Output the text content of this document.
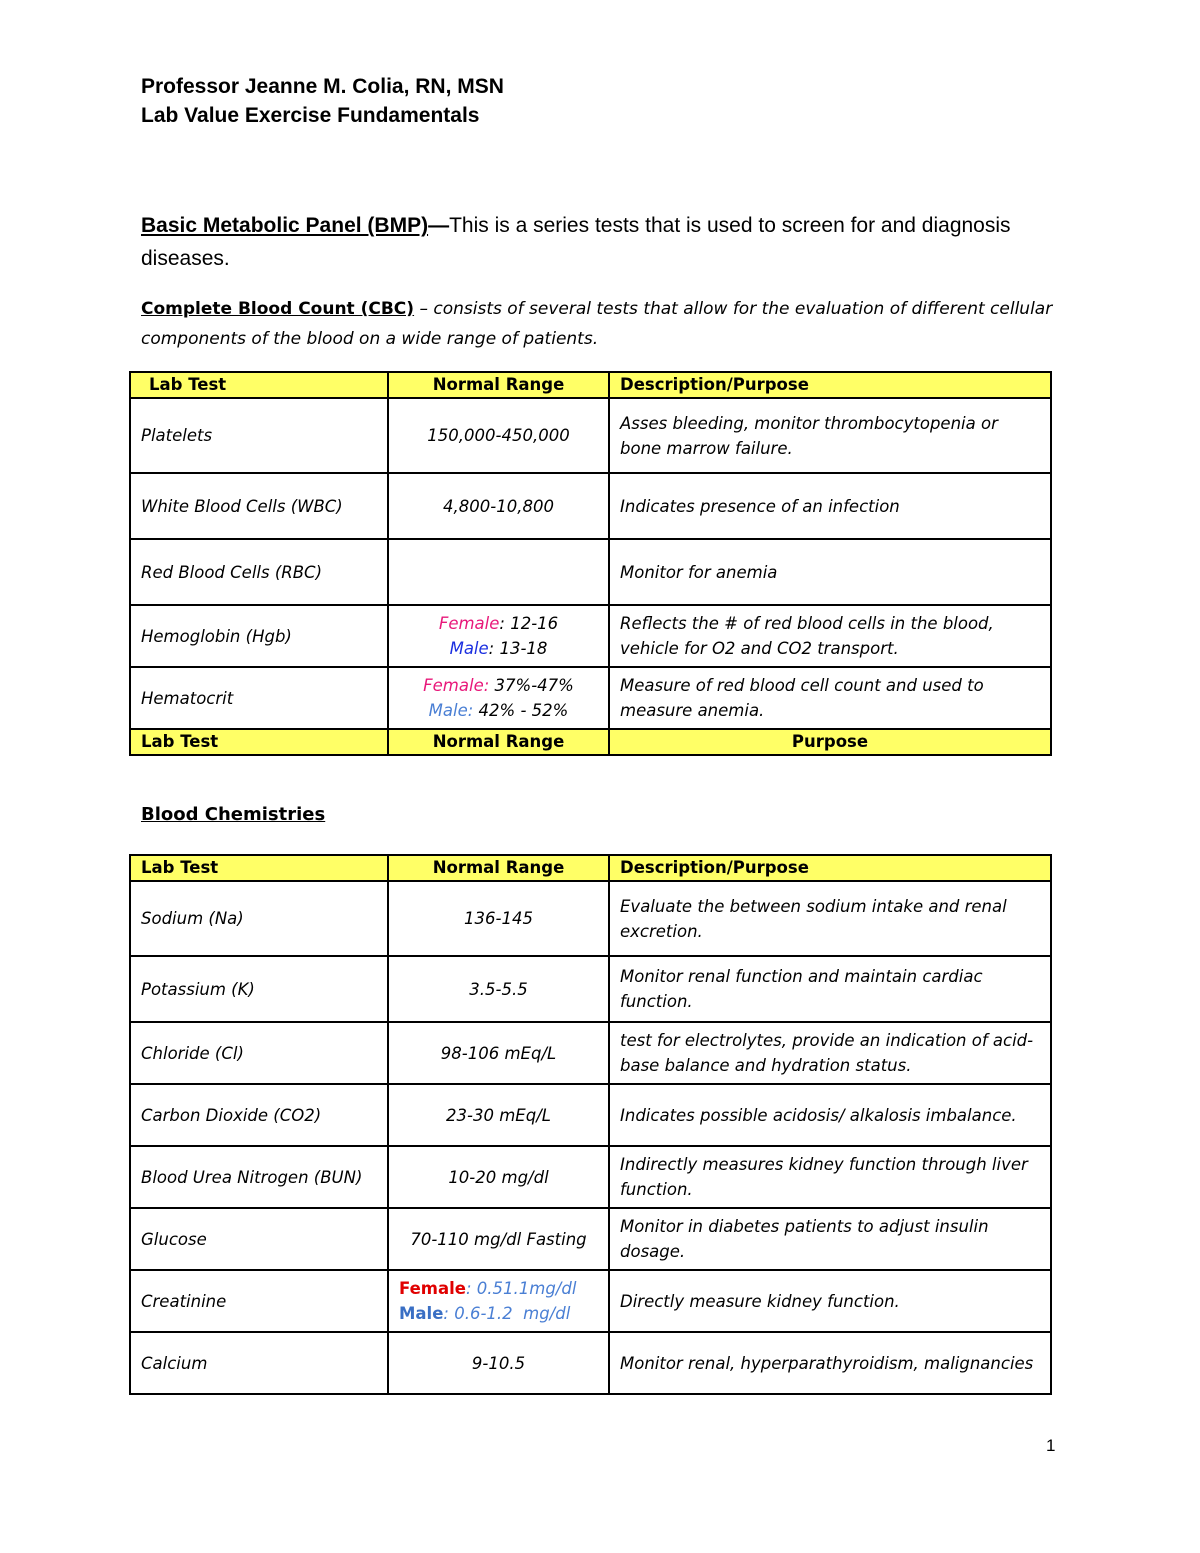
Professor Jeanne M. Colia, RN, MSN
Lab Value Exercise Fundamentals
Basic Metabolic Panel (BMP)—This is a series tests that is used to screen for and diagnosis diseases.
Complete Blood Count (CBC) – consists of several tests that allow for the evaluation of different cellular components of the blood on a wide range of patients.
Lab Test	Normal Range	Description/Purpose
Platelets	150,000-450,000	Asses bleeding, monitor thrombocytopenia or bone marrow failure.
White Blood Cells (WBC)	4,800-10,800	Indicates presence of an infection
Red Blood Cells (RBC)		Monitor for anemia
Hemoglobin (Hgb)	Female: 12-16
Male: 13-18	Reflects the # of red blood cells in the blood, vehicle for O2 and CO2 transport.
Hematocrit	Female: 37%-47%
Male: 42% - 52%	Measure of red blood cell count and used to measure anemia.
Lab Test	Normal Range	Purpose
Blood Chemistries
Lab Test	Normal Range	Description/Purpose
Sodium (Na)	136-145	Evaluate the between sodium intake and renal excretion.
Potassium (K)	3.5-5.5	Monitor renal function and maintain cardiac function.
Chloride (Cl)	98-106 mEq/L	test for electrolytes, provide an indication of acid-base balance and hydration status.
Carbon Dioxide (CO2)	23-30 mEq/L	Indicates possible acidosis/ alkalosis imbalance.
Blood Urea Nitrogen (BUN)	10-20 mg/dl	Indirectly measures kidney function through liver function.
Glucose	70-110 mg/dl Fasting	Monitor in diabetes patients to adjust insulin dosage.
Creatinine	Female: 0.51.1mg/dl
Male: 0.6-1.2  mg/dl	Directly measure kidney function.
Calcium	9-10.5	Monitor renal, hyperparathyroidism, malignancies
1
